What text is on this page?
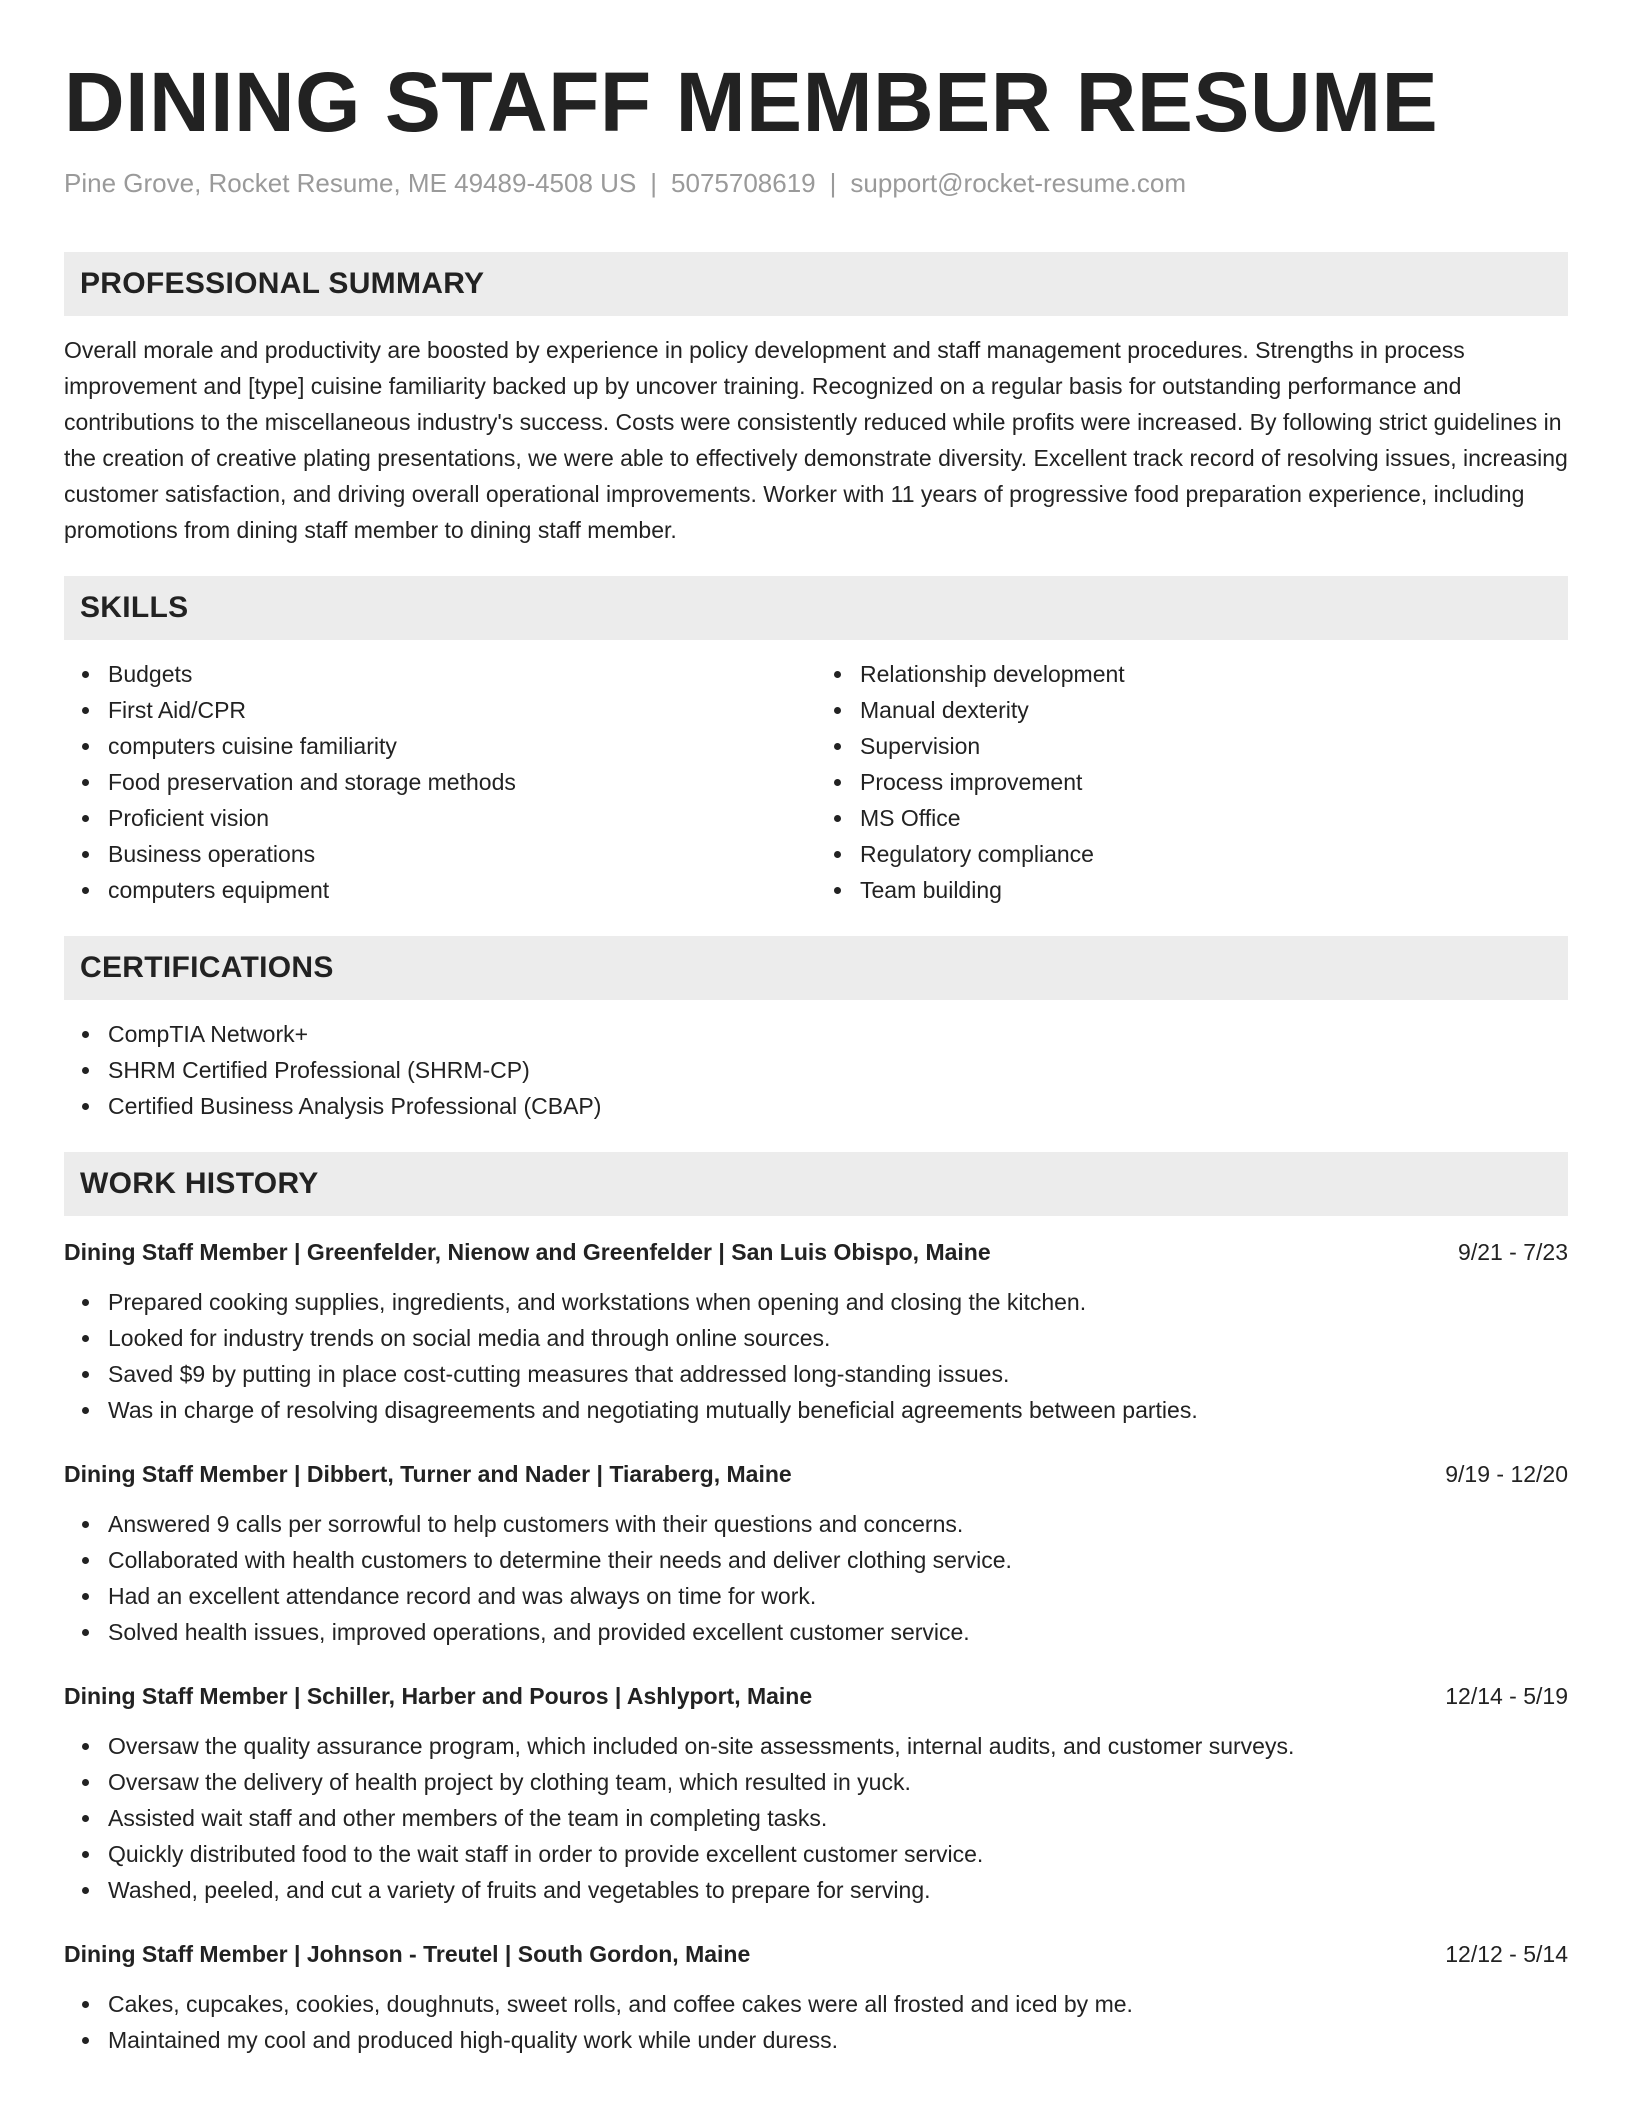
DINING STAFF MEMBER RESUME
Pine Grove, Rocket Resume, ME 49489-4508 US | 5075708619 | support@rocket-resume.com
PROFESSIONAL SUMMARY
Overall morale and productivity are boosted by experience in policy development and staff management procedures. Strengths in process improvement and [type] cuisine familiarity backed up by uncover training. Recognized on a regular basis for outstanding performance and contributions to the miscellaneous industry's success. Costs were consistently reduced while profits were increased. By following strict guidelines in the creation of creative plating presentations, we were able to effectively demonstrate diversity. Excellent track record of resolving issues, increasing customer satisfaction, and driving overall operational improvements. Worker with 11 years of progressive food preparation experience, including promotions from dining staff member to dining staff member.
SKILLS
Budgets
First Aid/CPR
computers cuisine familiarity
Food preservation and storage methods
Proficient vision
Business operations
computers equipment
Relationship development
Manual dexterity
Supervision
Process improvement
MS Office
Regulatory compliance
Team building
CERTIFICATIONS
CompTIA Network+
SHRM Certified Professional (SHRM-CP)
Certified Business Analysis Professional (CBAP)
WORK HISTORY
Dining Staff Member | Greenfelder, Nienow and Greenfelder | San Luis Obispo, Maine	9/21 - 7/23
Prepared cooking supplies, ingredients, and workstations when opening and closing the kitchen.
Looked for industry trends on social media and through online sources.
Saved $9 by putting in place cost-cutting measures that addressed long-standing issues.
Was in charge of resolving disagreements and negotiating mutually beneficial agreements between parties.
Dining Staff Member | Dibbert, Turner and Nader | Tiaraberg, Maine	9/19 - 12/20
Answered 9 calls per sorrowful to help customers with their questions and concerns.
Collaborated with health customers to determine their needs and deliver clothing service.
Had an excellent attendance record and was always on time for work.
Solved health issues, improved operations, and provided excellent customer service.
Dining Staff Member | Schiller, Harber and Pouros | Ashlyport, Maine	12/14 - 5/19
Oversaw the quality assurance program, which included on-site assessments, internal audits, and customer surveys.
Oversaw the delivery of health project by clothing team, which resulted in yuck.
Assisted wait staff and other members of the team in completing tasks.
Quickly distributed food to the wait staff in order to provide excellent customer service.
Washed, peeled, and cut a variety of fruits and vegetables to prepare for serving.
Dining Staff Member | Johnson - Treutel | South Gordon, Maine	12/12 - 5/14
Cakes, cupcakes, cookies, doughnuts, sweet rolls, and coffee cakes were all frosted and iced by me.
Maintained my cool and produced high-quality work while under duress.
